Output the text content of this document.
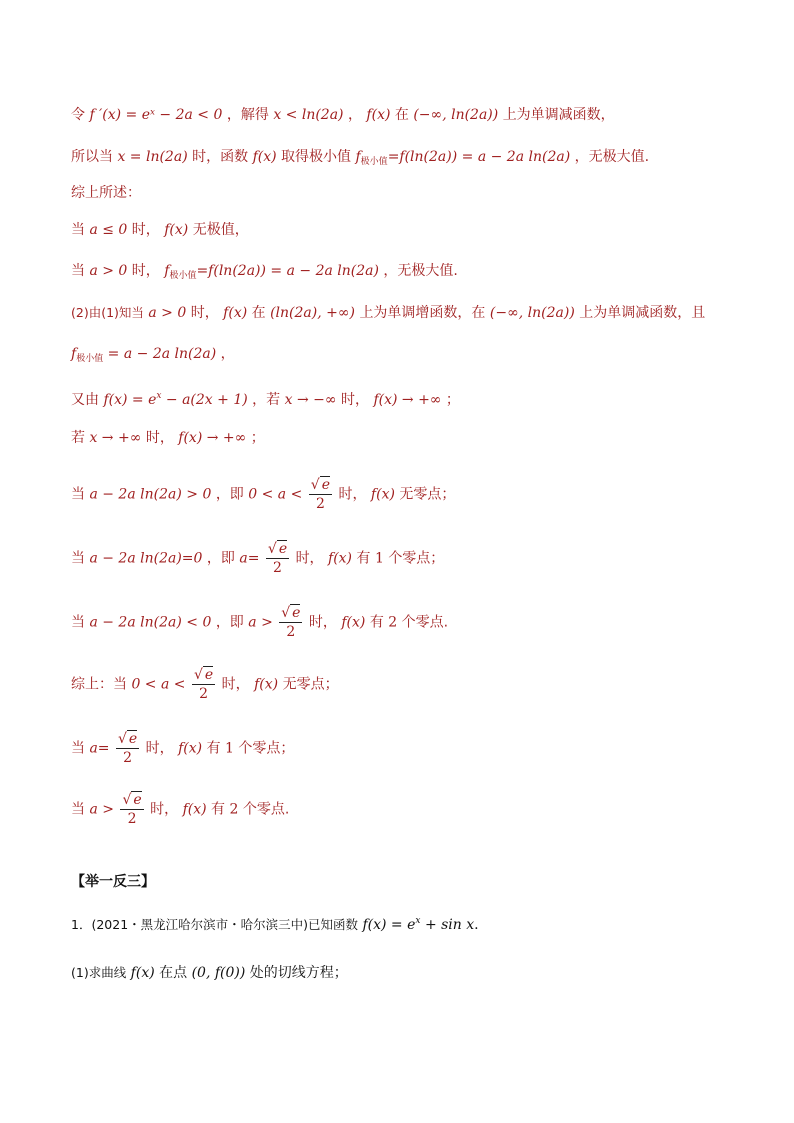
令 f ′(x) = eˣ − 2a < 0 ，解得 x < ln(2a) ， f(x) 在 (−∞, ln(2a)) 上为单调减函数，
所以当 x = ln(2a) 时，函数 f(x) 取得极小值 $f_{极小值}=f(\ln(2a)) = a - 2a$ ln(2a) ，无极大值.
综上所述：
当 a ≤ 0 时， f(x) 无极值，
当 a > 0 时， $f_{极小值}=f(\ln(2a)) = a - 2a$ ln(2a) ，无极大值.
(2)由(1)知当 a > 0 时， f(x) 在 (ln(2a), +∞) 上为单调增函数，在 (−∞, ln(2a)) 上为单调减函数，且
$f_{极小值} = a - 2a$ ln(2a) ，
又由 $f(x) = e^x - a(2x + 1)$ ，若 x → −∞ 时， f(x) → +∞ ；
若 x → +∞ 时， f(x) → +∞ ；
当 a − 2a ln(2a) > 0 ，即 $0 < a < \frac{√ e}{2}$ 时， f(x) 无零点；
当 a − 2a ln(2a)=0 ，即 $a= \frac{√ e}{2}$ 时， f(x) 有 1 个零点；
当 a − 2a ln(2a) < 0 ，即 $a > \frac{√ e}{2}$ 时， f(x) 有 2 个零点.
综上：当 $0 < a < \frac{√ e}{2}$ 时， f(x) 无零点；
当 $a= \frac{√ e}{2}$ 时， f(x) 有 1 个零点；
当 $a > \frac{√ e}{2}$ 时， f(x) 有 2 个零点.
【举一反三】
1．(2021・黑龙江哈尔滨市・哈尔滨三中)已知函数 $f(x) = e^x + \sin x$.
(1)求曲线 f(x) 在点 (0, f(0)) 处的切线方程；
